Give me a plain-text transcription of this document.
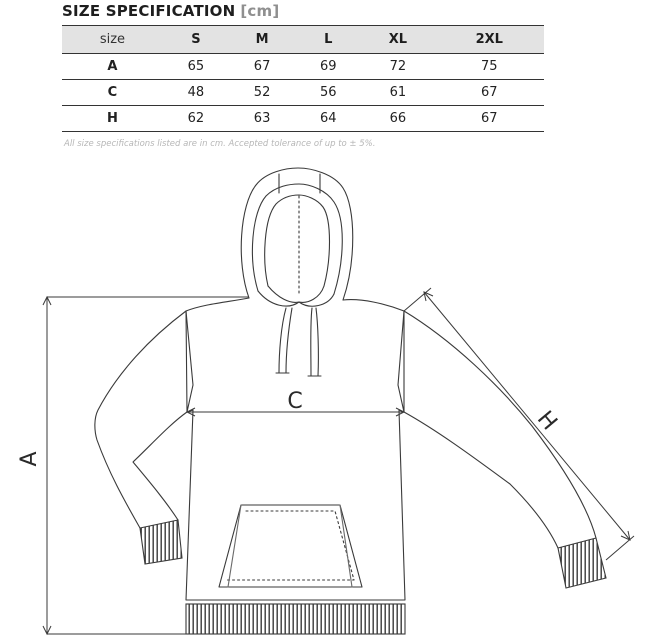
SIZE SPECIFICATION [cm]
size	S	M	L	XL	2XL
A	65	67	69	72	75
C	48	52	56	61	67
H	62	63	64	66	67
All size specifications listed are in cm. Accepted tolerance of up to ± 5%.
C
A
H
